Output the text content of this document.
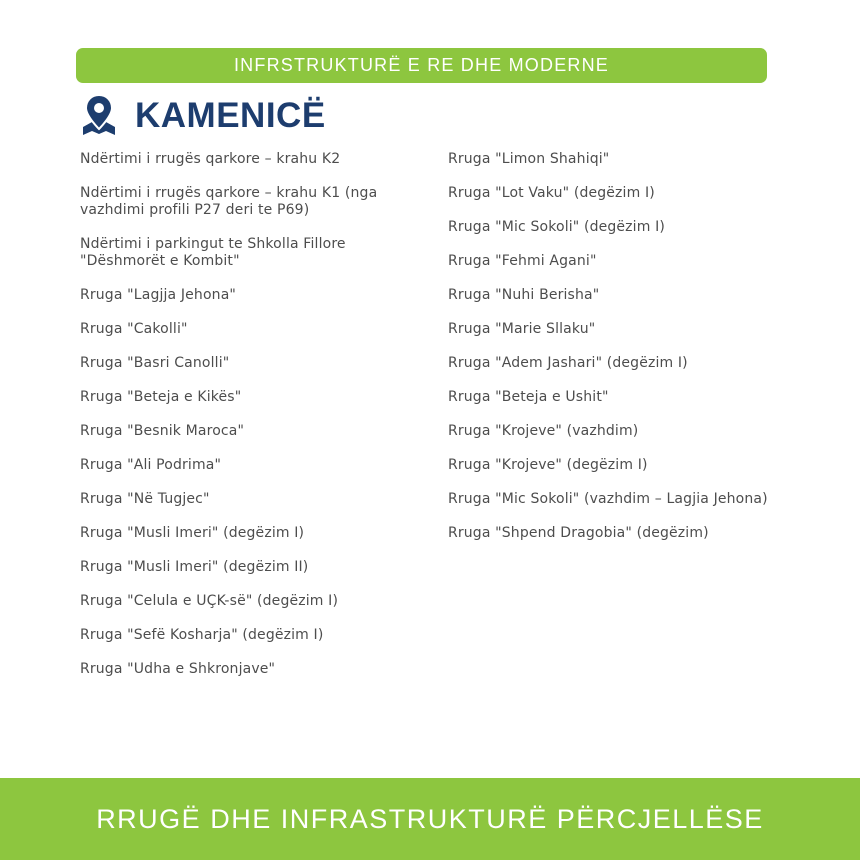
INFRSTRUKTURË E RE DHE MODERNE
KAMENICË
Ndërtimi i rrugës qarkore – krahu K2
Ndërtimi i rrugës qarkore – krahu K1 (nga vazhdimi profili P27 deri te P69)
Ndërtimi i parkingut te Shkolla Fillore "Dëshmorët e Kombit"
Rruga "Lagjja Jehona"
Rruga "Cakolli"
Rruga "Basri Canolli"
Rruga "Beteja e Kikës"
Rruga "Besnik Maroca"
Rruga "Ali Podrima"
Rruga "Në Tugjec"
Rruga "Musli Imeri" (degëzim I)
Rruga "Musli Imeri" (degëzim II)
Rruga "Celula e UÇK-së" (degëzim I)
Rruga "Sefë Kosharja" (degëzim I)
Rruga "Udha e Shkronjave"
Rruga "Limon Shahiqi"
Rruga "Lot Vaku" (degëzim I)
Rruga "Mic Sokoli" (degëzim I)
Rruga "Fehmi Agani"
Rruga "Nuhi Berisha"
Rruga "Marie Sllaku"
Rruga "Adem Jashari" (degëzim I)
Rruga "Beteja e Ushit"
Rruga "Krojeve" (vazhdim)
Rruga "Krojeve" (degëzim I)
Rruga "Mic Sokoli" (vazhdim – Lagjia Jehona)
Rruga "Shpend Dragobia" (degëzim)
RRUGË DHE INFRASTRUKTURË PËRCJELLËSE
